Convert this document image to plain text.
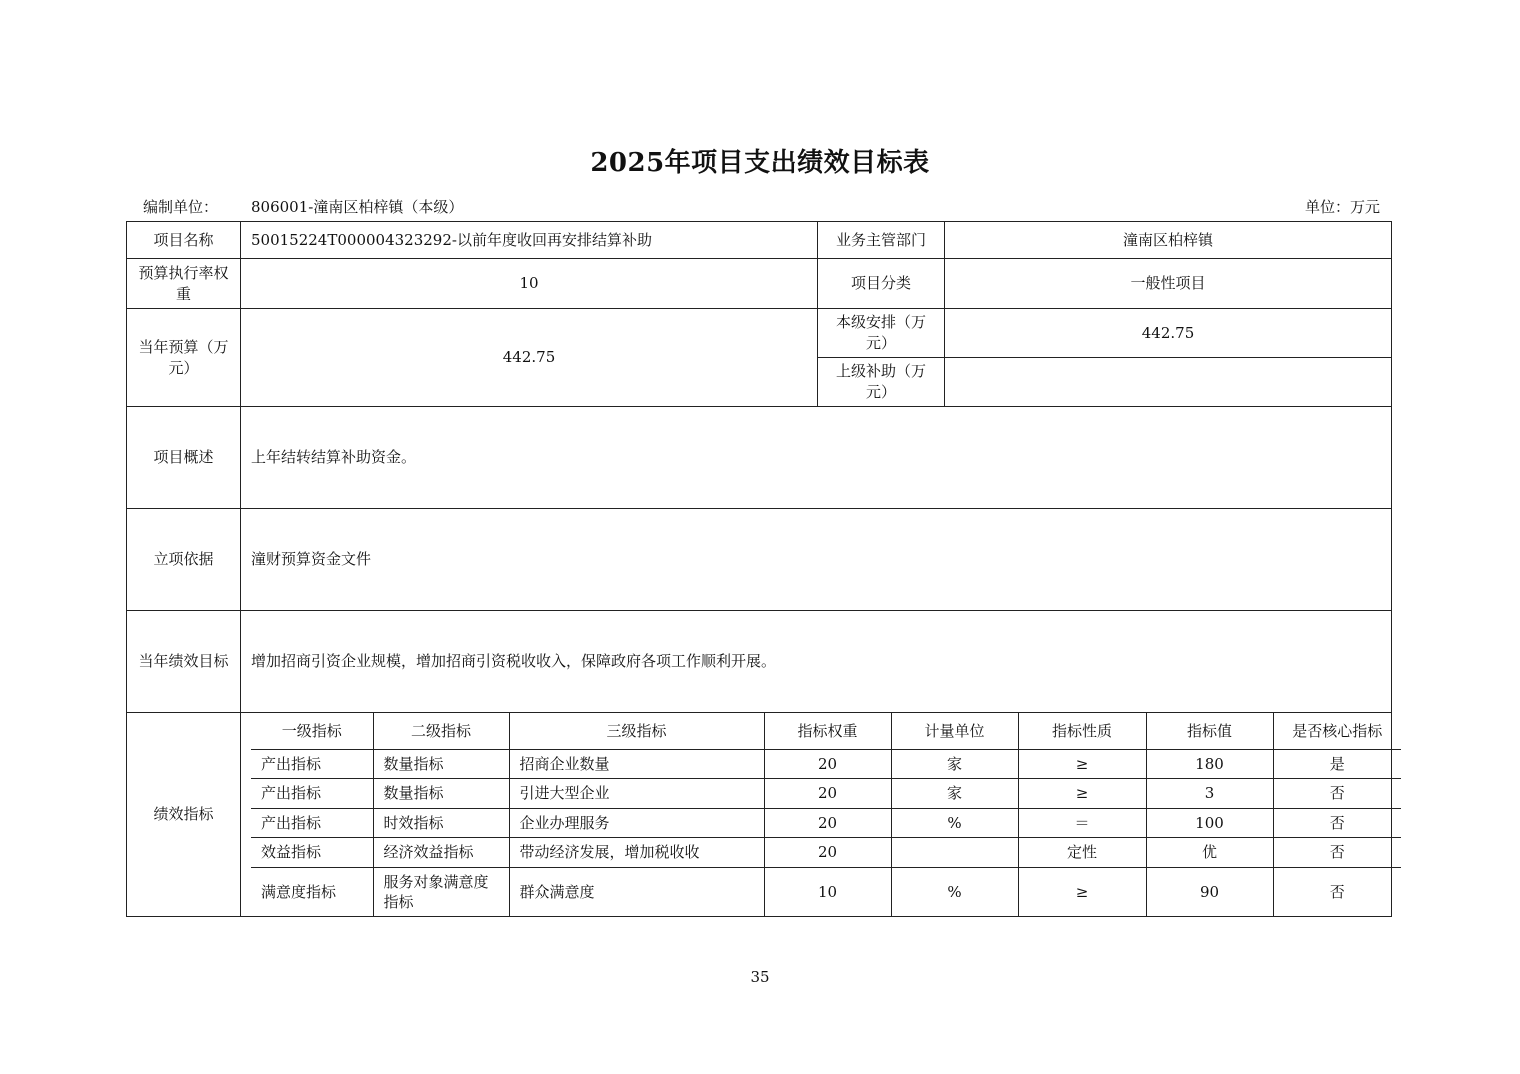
2025年项目支出绩效目标表
编制单位： 806001-潼南区柏梓镇（本级）	单位：万元
项目名称	50015224T000004323292-以前年度收回再安排结算补助	业务主管部门	潼南区柏梓镇
预算执行率权重	10	项目分类	一般性项目
当年预算（万元）	442.75	本级安排（万元）	442.75
上级补助（万元）	
项目概述	上年结转结算补助资金。
立项依据	潼财预算资金文件
当年绩效目标	增加招商引资企业规模，增加招商引资税收收入，保障政府各项工作顺利开展。
绩效指标	
一级指标	二级指标	三级指标	指标权重	计量单位	指标性质	指标值	是否核心指标
产出指标	数量指标	招商企业数量	20	家	≥	180	是
产出指标	数量指标	引进大型企业	20	家	≥	3	否
产出指标	时效指标	企业办理服务	20	%	＝	100	否
效益指标	经济效益指标	带动经济发展，增加税收收	20		定性	优	否
满意度指标	服务对象满意度指标	群众满意度	10	%	≥	90	否
35
